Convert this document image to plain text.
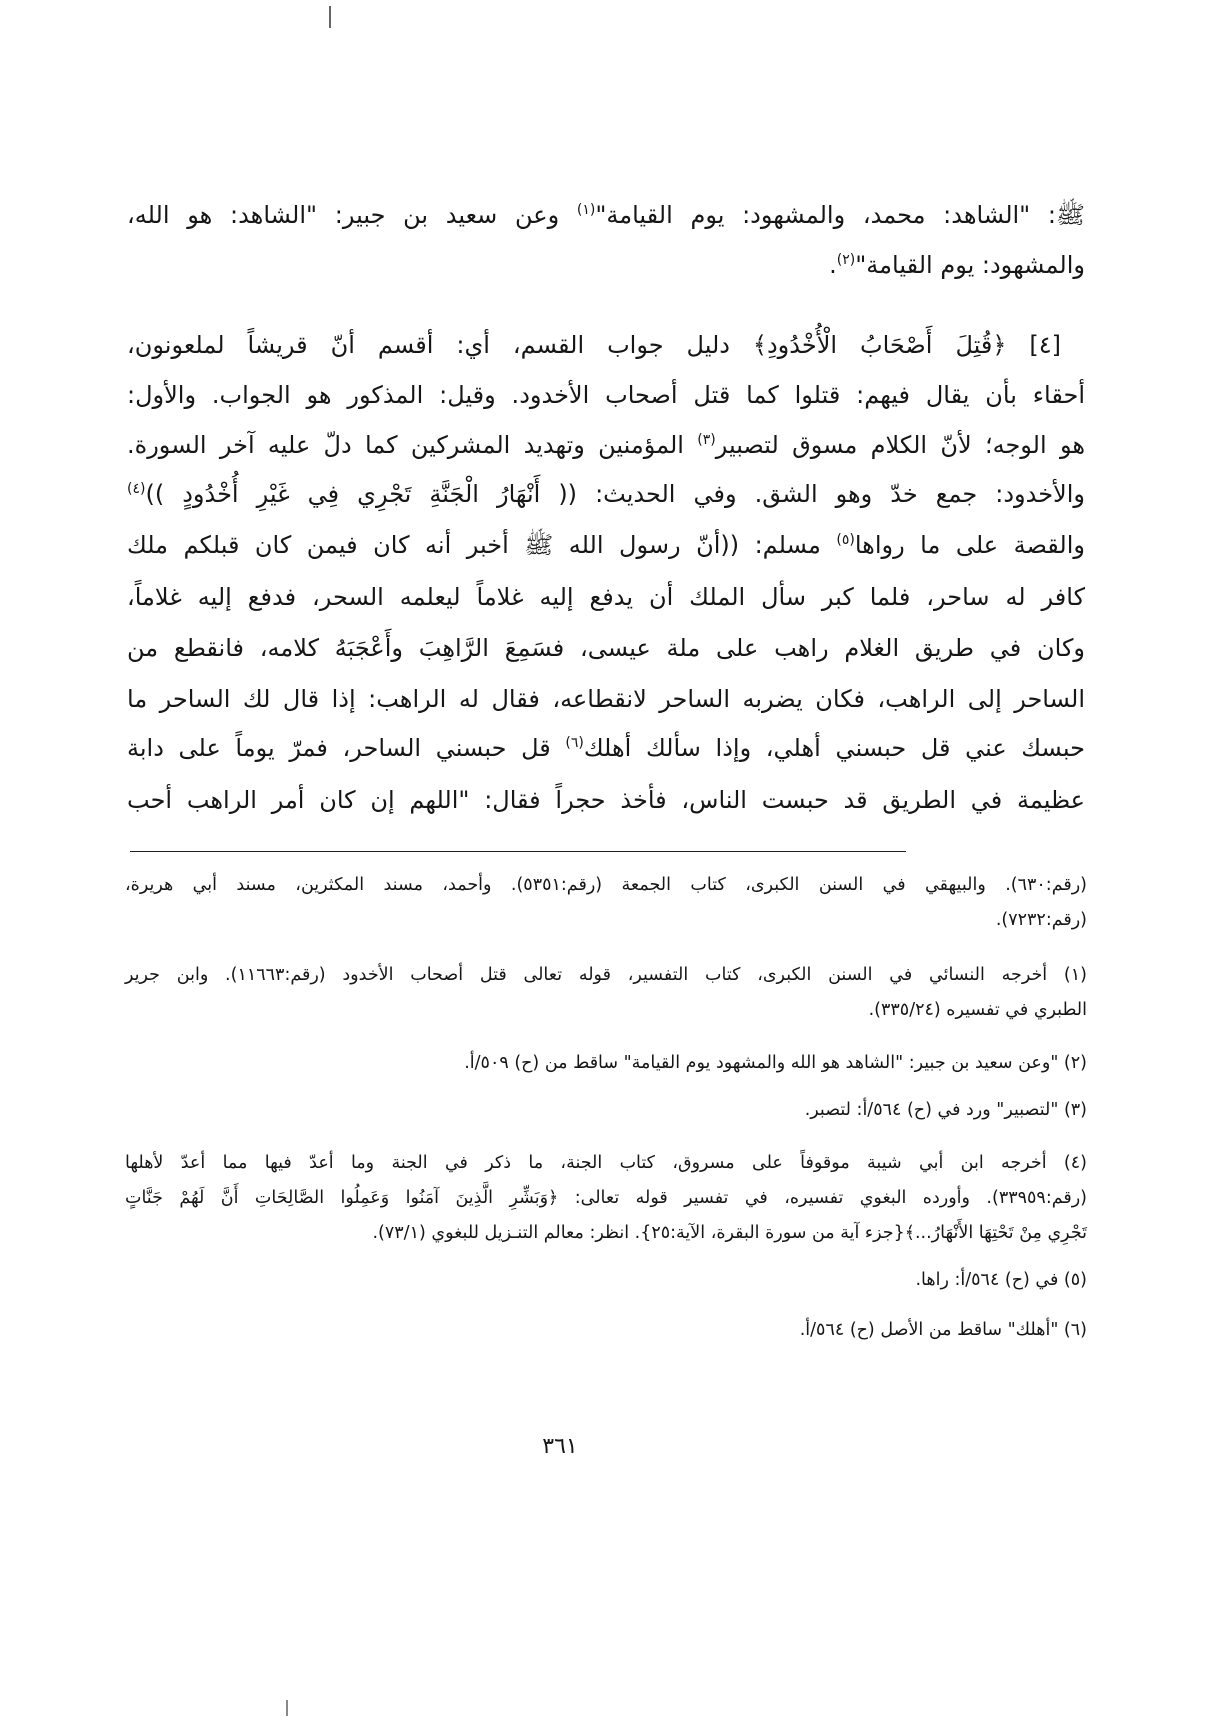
ﷺ: "الشاهد: محمد، والمشهود: يوم القيامة"$^{(١)}$ وعن سعيد بن جبير: "الشاهد: هو الله،
والمشهود: يوم القيامة"$^{(٢)}$.
[٤] ﴿قُتِلَ أَصْحَابُ الْأُخْدُودِ﴾ دليل جواب القسم، أي: أقسم أنّ قريشاً لملعونون،
أحقاء بأن يقال فيهم: قتلوا كما قتل أصحاب الأخدود. وقيل: المذكور هو الجواب. والأول:
هو الوجه؛ لأنّ الكلام مسوق لتصبير$^{(٣)}$ المؤمنين وتهديد المشركين كما دلّ عليه آخر السورة.
والأخدود: جمع خدّ وهو الشق. وفي الحديث: (( أَنْهَارُ الْجَنَّةِ تَجْرِي فِي غَيْرِ أُخْدُودٍ ))$^{(٤)}$
والقصة على ما رواها$^{(٥)}$ مسلم: ((أنّ رسول الله ﷺ أخبر أنه كان فيمن كان قبلكم ملك
كافر له ساحر، فلما كبر سأل الملك أن يدفع إليه غلاماً ليعلمه السحر، فدفع إليه غلاماً،
وكان في طريق الغلام راهب على ملة عيسى، فسَمِعَ الرَّاهِبَ وأَعْجَبَهُ كلامه، فانقطع من
الساحر إلى الراهب، فكان يضربه الساحر لانقطاعه، فقال له الراهب: إذا قال لك الساحر ما
حبسك عني قل حبسني أهلي، وإذا سألك أهلك$^{(٦)}$ قل حبسني الساحر، فمرّ يوماً على دابة
عظيمة في الطريق قد حبست الناس، فأخذ حجراً فقال: "اللهم إن كان أمر الراهب أحب
(رقم:٦٣٠). والبيهقي في السنن الكبرى، كتاب الجمعة (رقم:٥٣٥١). وأحمد، مسند المكثرين، مسند أبي هريرة،
(رقم:٧٢٣٢).
(١) أخرجه النسائي في السنن الكبرى، كتاب التفسير، قوله تعالى قتل أصحاب الأخدود (رقم:١١٦٦٣). وابن جرير
الطبري في تفسيره (٣٣٥/٢٤).
(٢) "وعن سعيد بن جبير: "الشاهد هو الله والمشهود يوم القيامة" ساقط من (ح) ٥٠٩/أ.
(٣) "لتصبير" ورد في (ح) ٥٦٤/أ: لتصبر.
(٤) أخرجه ابن أبي شيبة موقوفاً على مسروق، كتاب الجنة، ما ذكر في الجنة وما أعدّ فيها مما أعدّ لأهلها
(رقم:٣٣٩٥٩). وأورده البغوي تفسيره، في تفسير قوله تعالى: ﴿وَبَشِّرِ الَّذِينَ آمَنُوا وَعَمِلُوا الصَّالِحَاتِ أَنَّ لَهُمْ جَنَّاتٍ
تَجْرِي مِنْ تَحْتِهَا الأَنْهَارُ...﴾{جزء آية من سورة البقرة، الآية:٢٥}. انظر: معالم التنـزيل للبغوي (٧٣/١).
(٥) في (ح) ٥٦٤/أ: راها.
(٦) "أهلك" ساقط من الأصل (ح) ٥٦٤/أ.
٣٦١
